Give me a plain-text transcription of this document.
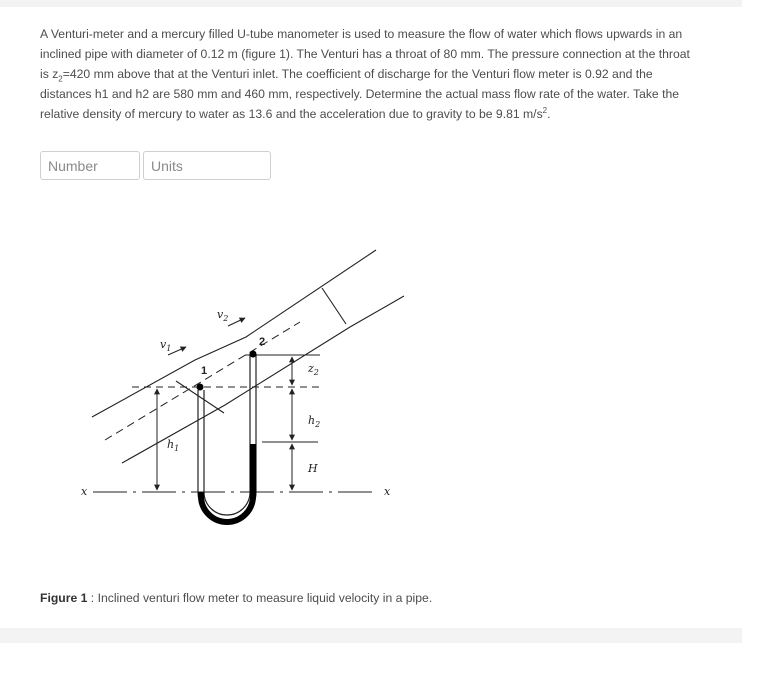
A Venturi-meter and a mercury filled U-tube manometer is used to measure the flow of water which flows upwards in an inclined pipe with diameter of 0.12 m (figure 1). The Venturi has a throat of 80 mm. The pressure connection at the throat is $z_2=420$ mm above that at the Venturi inlet. The coefficient of discharge for the Venturi flow meter is 0.92 and the distances h1 and h2 are 580 mm and 460 mm, respectively. Determine the actual mass flow rate of the water. Take the relative density of mercury to water as 13.6 and the acceleration due to gravity to be 9.81 $m/s^2$.
Number
Units
$v_1$
$v_2$
1
2
$z_2$
$h_2$
$h_1$
H
x	x
Figure 1 : Inclined venturi flow meter to measure liquid velocity in a pipe.
